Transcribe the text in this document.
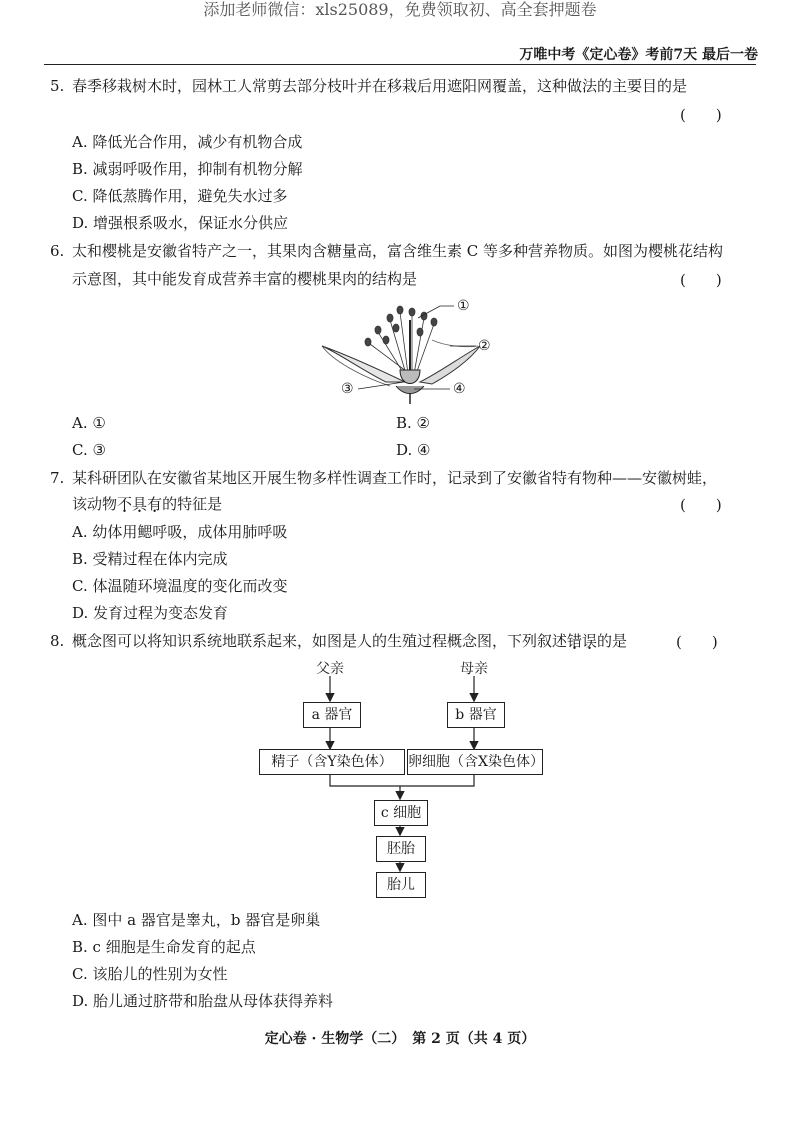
添加老师微信：xls25089，免费领取初、高全套押题卷
万唯中考《定心卷》考前7天 最后一卷
5. 春季移栽树木时，园林工人常剪去部分枝叶并在移栽后用遮阳网覆盖，这种做法的主要目的是
(　　)
A. 降低光合作用，减少有机物合成
B. 减弱呼吸作用，抑制有机物分解
C. 降低蒸腾作用，避免失水过多
D. 增强根系吸水，保证水分供应
6. 太和樱桃是安徽省特产之一，其果肉含糖量高，富含维生素 C 等多种营养物质。如图为樱桃花结构
示意图，其中能发育成营养丰富的樱桃果肉的结构是	(　　)
①
②
③	④
A. ①	B. ②
C. ③	D. ④
7. 某科研团队在安徽省某地区开展生物多样性调查工作时，记录到了安徽省特有物种——安徽树蛙，
该动物不具有的特征是	(　　)
A. 幼体用鳃呼吸，成体用肺呼吸
B. 受精过程在体内完成
C. 体温随环境温度的变化而改变
D. 发育过程为变态发育
8. 概念图可以将知识系统地联系起来，如图是人的生殖过程概念图，下列叙述错误的是	(　　)
父亲	母亲
a 器官	b 器官
精子（含Y染色体）	卵细胞（含X染色体）
c 细胞
胚胎
胎儿
A. 图中 a 器官是睾丸，b 器官是卵巢
B. c 细胞是生命发育的起点
C. 该胎儿的性别为女性
D. 胎儿通过脐带和胎盘从母体获得养料
定心卷 · 生物学（二）　第 2 页（共 4 页）
